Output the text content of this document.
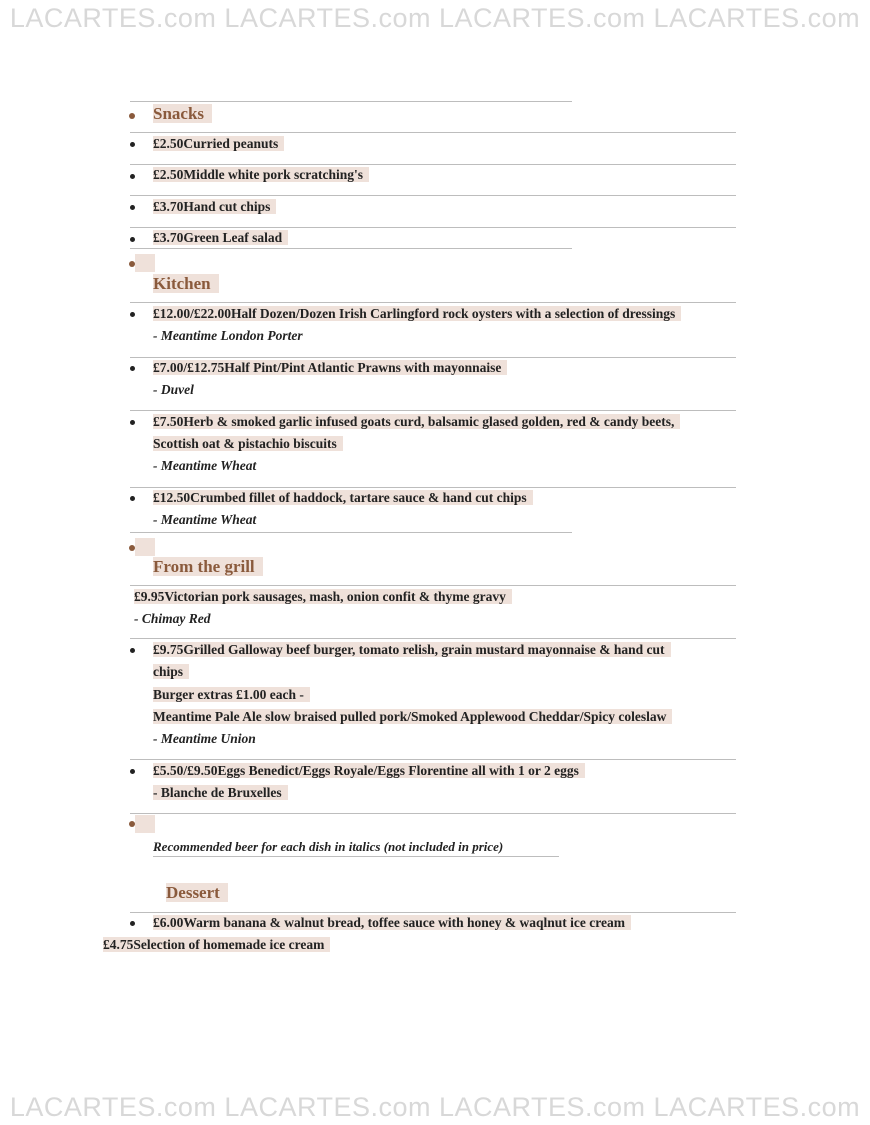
LACARTES.com LACARTES.com LACARTES.com LACARTES.com
Snacks
£2.50Curried peanuts
£2.50Middle white pork scratching's
£3.70Hand cut chips
£3.70Green Leaf salad
Kitchen
£12.00/£22.00Half Dozen/Dozen Irish Carlingford rock oysters with a selection of dressings
- Meantime London Porter
£7.00/£12.75Half Pint/Pint Atlantic Prawns with mayonnaise
- Duvel
£7.50Herb & smoked garlic infused goats curd, balsamic glased golden, red & candy beets,
Scottish oat & pistachio biscuits
- Meantime Wheat
£12.50Crumbed fillet of haddock, tartare sauce & hand cut chips
- Meantime Wheat
From the grill
£9.95Victorian pork sausages, mash, onion confit & thyme gravy
- Chimay Red
£9.75Grilled Galloway beef burger, tomato relish, grain mustard mayonnaise & hand cut
chips
Burger extras £1.00 each -
Meantime Pale Ale slow braised pulled pork/Smoked Applewood Cheddar/Spicy coleslaw
- Meantime Union
£5.50/£9.50Eggs Benedict/Eggs Royale/Eggs Florentine all with 1 or 2 eggs
- Blanche de Bruxelles
Recommended beer for each dish in italics (not included in price)
Dessert
£6.00Warm banana & walnut bread, toffee sauce with honey & waqlnut ice cream
£4.75Selection of homemade ice cream
LACARTES.com LACARTES.com LACARTES.com LACARTES.com
